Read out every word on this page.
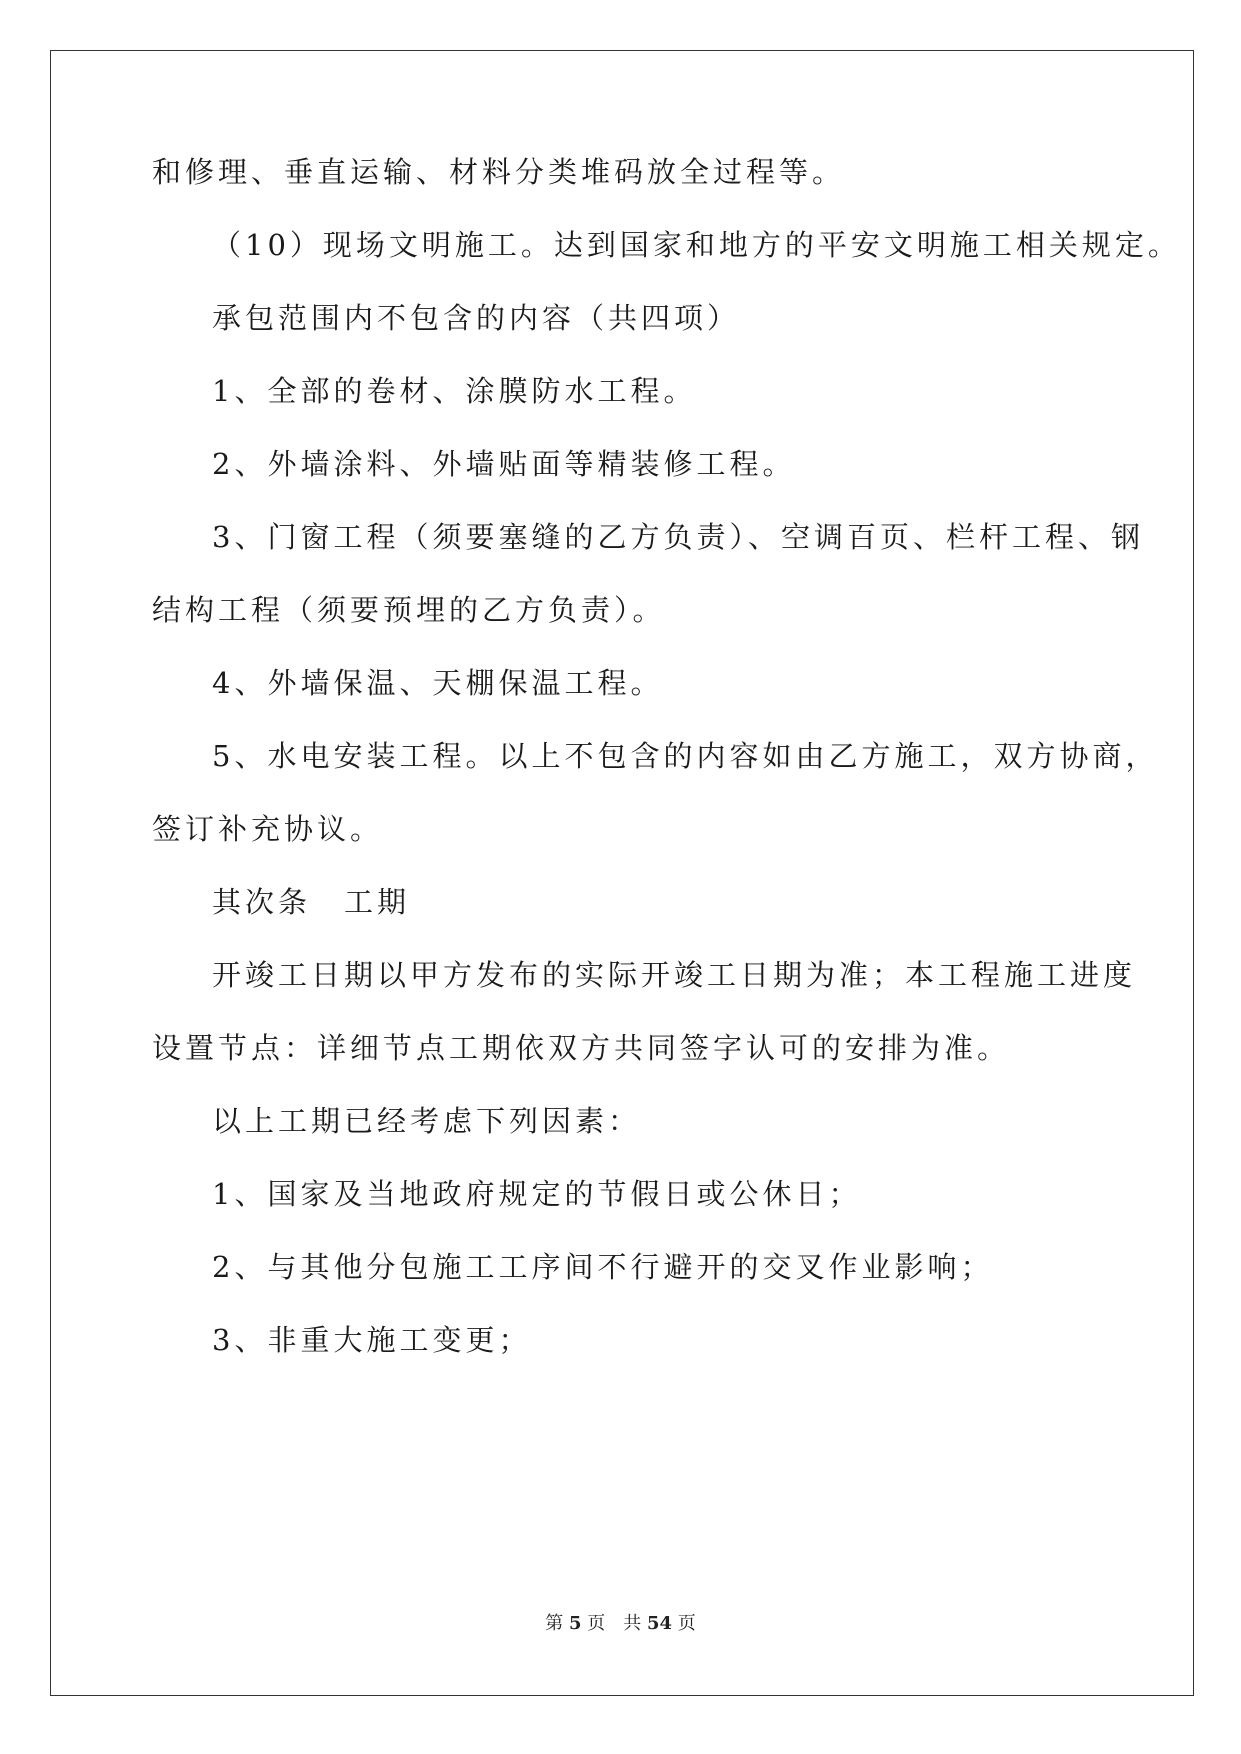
和修理、垂直运输、材料分类堆码放全过程等。
（10）现场文明施工。达到国家和地方的平安文明施工相关规定。
承包范围内不包含的内容（共四项）
1、全部的卷材、涂膜防水工程。
2、外墙涂料、外墙贴面等精装修工程。
3、门窗工程（须要塞缝的乙方负责）、空调百页、栏杆工程、钢
结构工程（须要预埋的乙方负责）。
4、外墙保温、天棚保温工程。
5、水电安装工程。以上不包含的内容如由乙方施工，双方协商，
签订补充协议。
其次条　工期
开竣工日期以甲方发布的实际开竣工日期为准；本工程施工进度
设置节点：详细节点工期依双方共同签字认可的安排为准。
以上工期已经考虑下列因素：
1、国家及当地政府规定的节假日或公休日；
2、与其他分包施工工序间不行避开的交叉作业影响；
3、非重大施工变更；
第 5 页　共 54 页
